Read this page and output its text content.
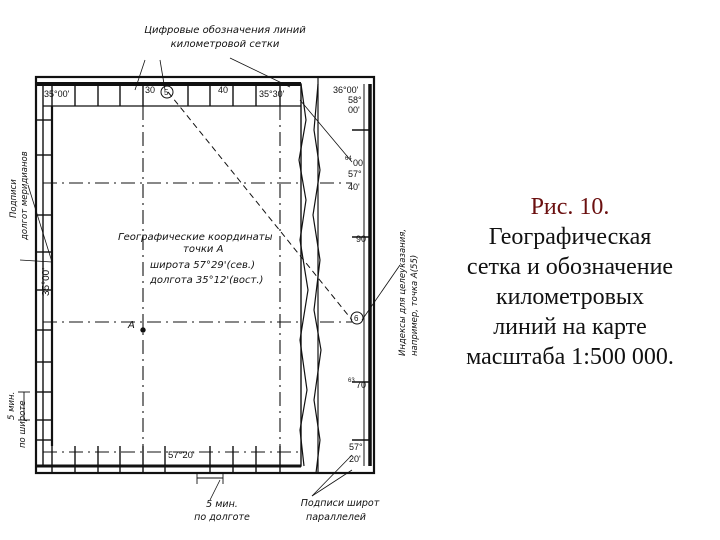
Цифровые обозначения линий
километровой сетки
35°00'	30	40	35°30'	36°00'
58°
00'
64 00
57°
40'
90
63 70
57°
20'
5
6
Географические координаты
точки A
широта 57°29'(сев.)
долгота 35°12'(вост.)
A
35°00'
Подписи долгот меридианов
5 мин. по широте
57°20'
5 мин.
по долготе
Подписи широт
параллелей
Индексы для целеуказания, например, точка A(55)
Рис. 10.
Географическая
сетка и обозначение
километровых
линий на карте
масштаба 1:500 000.
